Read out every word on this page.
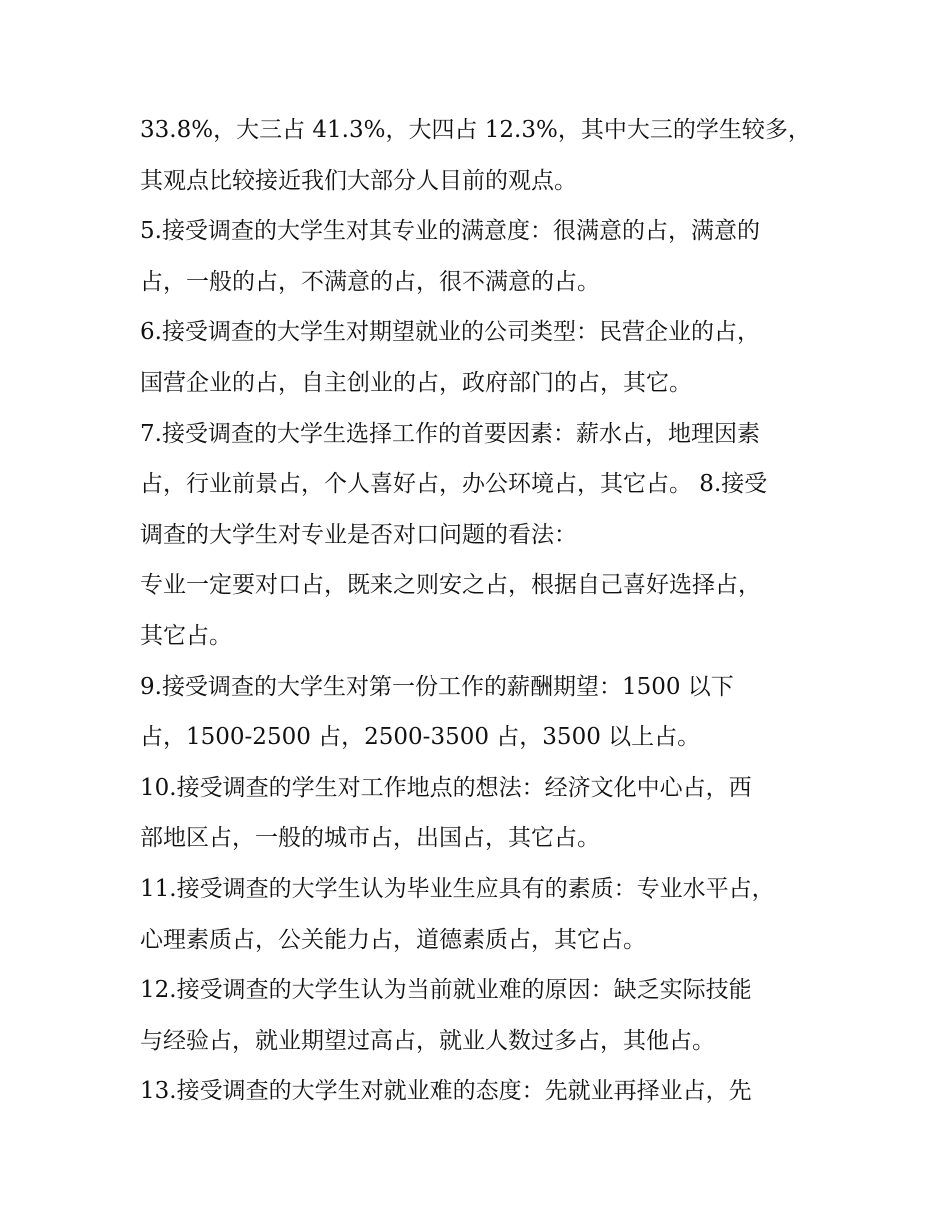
33.8%，大三占 41.3%，大四占 12.3%，其中大三的学生较多，
其观点比较接近我们大部分人目前的观点。
5.接受调查的大学生对其专业的满意度：很满意的占，满意的
占，一般的占，不满意的占，很不满意的占。
6.接受调查的大学生对期望就业的公司类型：民营企业的占，
国营企业的占，自主创业的占，政府部门的占，其它。
7.接受调查的大学生选择工作的首要因素：薪水占，地理因素
占，行业前景占，个人喜好占，办公环境占，其它占。 8.接受
调查的大学生对专业是否对口问题的看法：
专业一定要对口占，既来之则安之占，根据自己喜好选择占，
其它占。
9.接受调查的大学生对第一份工作的薪酬期望：1500 以下
占，1500-2500 占，2500-3500 占，3500 以上占。
10.接受调查的学生对工作地点的想法：经济文化中心占，西
部地区占，一般的城市占，出国占，其它占。
11.接受调查的大学生认为毕业生应具有的素质：专业水平占，
心理素质占，公关能力占，道德素质占，其它占。
12.接受调查的大学生认为当前就业难的原因：缺乏实际技能
与经验占，就业期望过高占，就业人数过多占，其他占。
13.接受调查的大学生对就业难的态度：先就业再择业占，先
